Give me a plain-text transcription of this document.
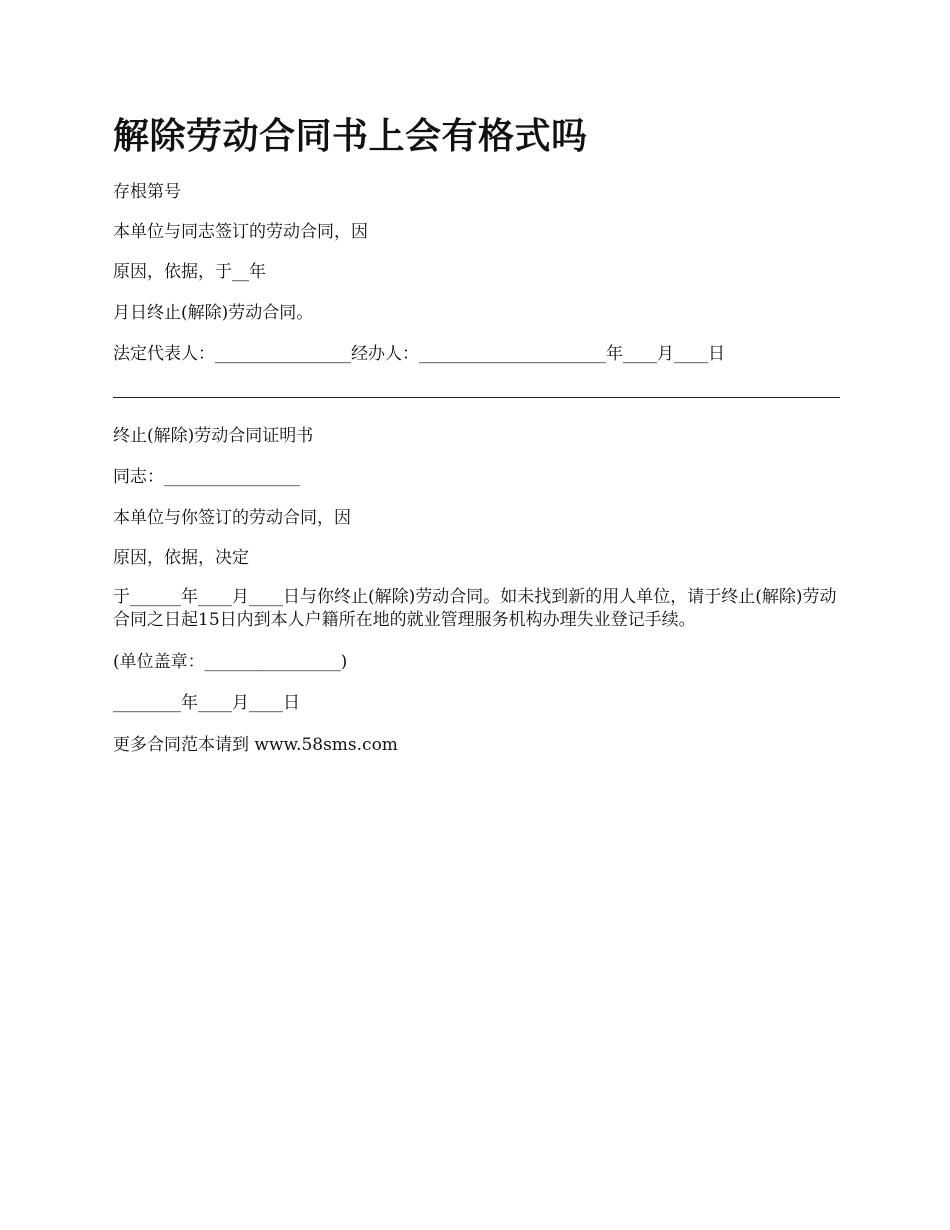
解除劳动合同书上会有格式吗

存根第号

本单位与同志签订的劳动合同，因

原因，依据，于__年

月日终止(解除)劳动合同。

法定代表人：________________经办人：______________________年____月____日

终止(解除)劳动合同证明书

同志：________________

本单位与你签订的劳动合同，因

原因，依据，决定

于______年____月____日与你终止(解除)劳动合同。如未找到新的用人单位，请于终止(解除)劳动合同之日起15日内到本人户籍所在地的就业管理服务机构办理失业登记手续。

(单位盖章：________________)

________年____月____日

更多合同范本请到 www.58sms.com
